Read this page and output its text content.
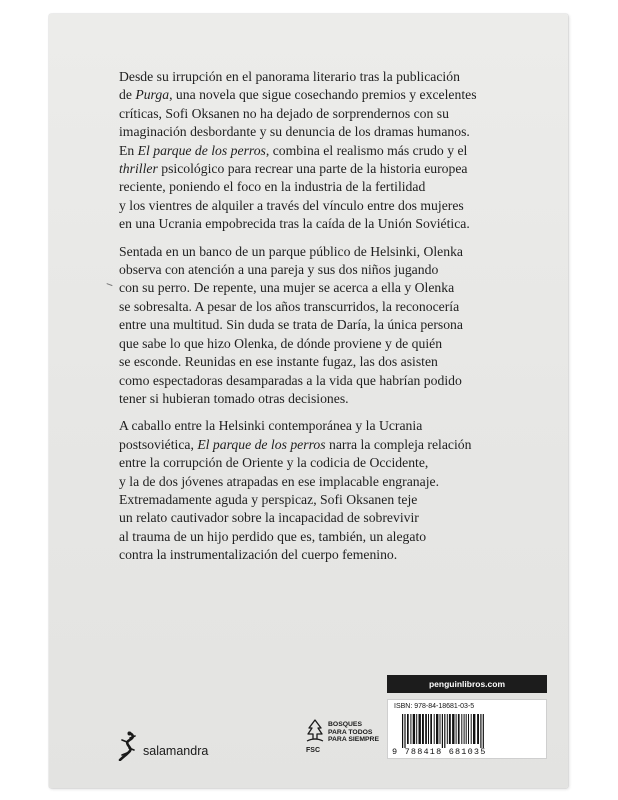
Desde su irrupción en el panorama literario tras la publicación
de Purga, una novela que sigue cosechando premios y excelentes
críticas, Sofi Oksanen no ha dejado de sorprendernos con su
imaginación desbordante y su denuncia de los dramas humanos.
En El parque de los perros, combina el realismo más crudo y el
thriller psicológico para recrear una parte de la historia europea
reciente, poniendo el foco en la industria de la fertilidad
y los vientres de alquiler a través del vínculo entre dos mujeres
en una Ucrania empobrecida tras la caída de la Unión Soviética.

Sentada en un banco de un parque público de Helsinki, Olenka
observa con atención a una pareja y sus dos niños jugando
con su perro. De repente, una mujer se acerca a ella y Olenka
se sobresalta. A pesar de los años transcurridos, la reconocería
entre una multitud. Sin duda se trata de Daría, la única persona
que sabe lo que hizo Olenka, de dónde proviene y de quién
se esconde. Reunidas en ese instante fugaz, las dos asisten
como espectadoras desamparadas a la vida que habrían podido
tener si hubieran tomado otras decisiones.

A caballo entre la Helsinki contemporánea y la Ucrania
postsoviética, El parque de los perros narra la compleja relación
entre la corrupción de Oriente y la codicia de Occidente,
y la de dos jóvenes atrapadas en ese implacable engranaje.
Extremadamente aguda y perspicaz, Sofi Oksanen teje
un relato cautivador sobre la incapacidad de sobrevivir
al trauma de un hijo perdido que es, también, un alegato
contra la instrumentalización del cuerpo femenino.

penguinlibros.com
ISBN: 978-84-18681-03-5
9 788418 681035
salamandra
BOSQUES
PARA TODOS
PARA SIEMPRE
FSC
